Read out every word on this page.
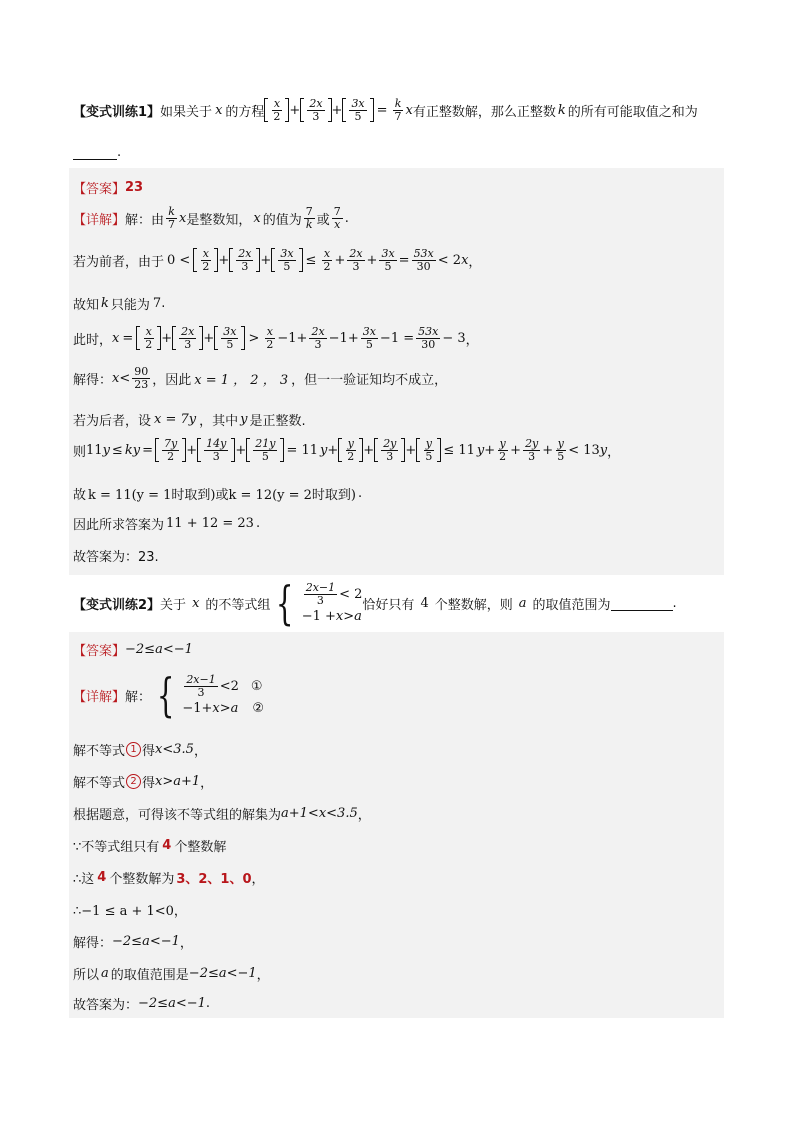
【变式训练1】 如果关于 x 的方程 $\frac{x}{2} + \frac{2x}{3} + \frac{3x}{5} = \frac{k}{7}$ x 有正整数解，那么正整数 k 的所有可能取值之和为

.
【答案】 23
【详解】 解：由 $\frac{k}{7}$ x 是整数知， x 的值为 $\frac{7}{k}$ 或 $\frac{7}{x}$ .
若为前者，由于 $0 < \frac{x}{2} + \frac{2x}{3} + \frac{3x}{5} \le \frac{x}{2} + \frac{2x}{3} + \frac{3x}{5} = \frac{53x}{30} < 2$ x ，
故知 k 只能为 7 .
此时， $x = \frac{x}{2} + \frac{2x}{3} + \frac{3x}{5} > \frac{x}{2} -1+ \frac{2x}{3} -1+ \frac{3x}{5} -1 = \frac{53x}{30} - 3$ ，
解得： $x < \frac{90}{23}$ ，因此 x = 1 ， 2 ， 3 ，但一一验证知均不成立，
若为后者，设 x = 7y ，其中 y 是正整数.
则 11 y ≤ ky = $\frac{7y}{2} + \frac{14y}{3} + \frac{21y}{5} = 11$ $y + \frac{y}{2} + \frac{2y}{3} + \frac{y}{5} \le 11$ $y + \frac{y}{2} + \frac{2y}{3} + \frac{y}{5} < 13$ y ，
故 k = 11(y = 1时取到)或k = 12(y = 2时取到) .
因此所求答案为 11 + 12 = 23 .
故答案为：23.
【变式训练2】 关于 x 的不等式组 { $\frac{2x-1}{3} < 2$
−1 + x > a
恰好只有 4 个整数解，则 a 的取值范围为
	.
【答案】 −2≤a<−1
【详解】 解： { $\frac{2x-1}{3} <2$ ①
−1+x>a ②
解不等式 1 得 x<3.5 ，
解不等式 2 得 x>a+1 ，
根据题意，可得该不等式组的解集为 a+1<x<3.5 ，
∵不等式组只有 4 个整数解
∴这 4 个整数解为 3、2、1、0 ，
∴−1 ≤ a + 1<0，
解得： −2≤a<−1 ，
所以 a 的取值范围是 −2≤a<−1 ，
故答案为： −2≤a<−1 .
